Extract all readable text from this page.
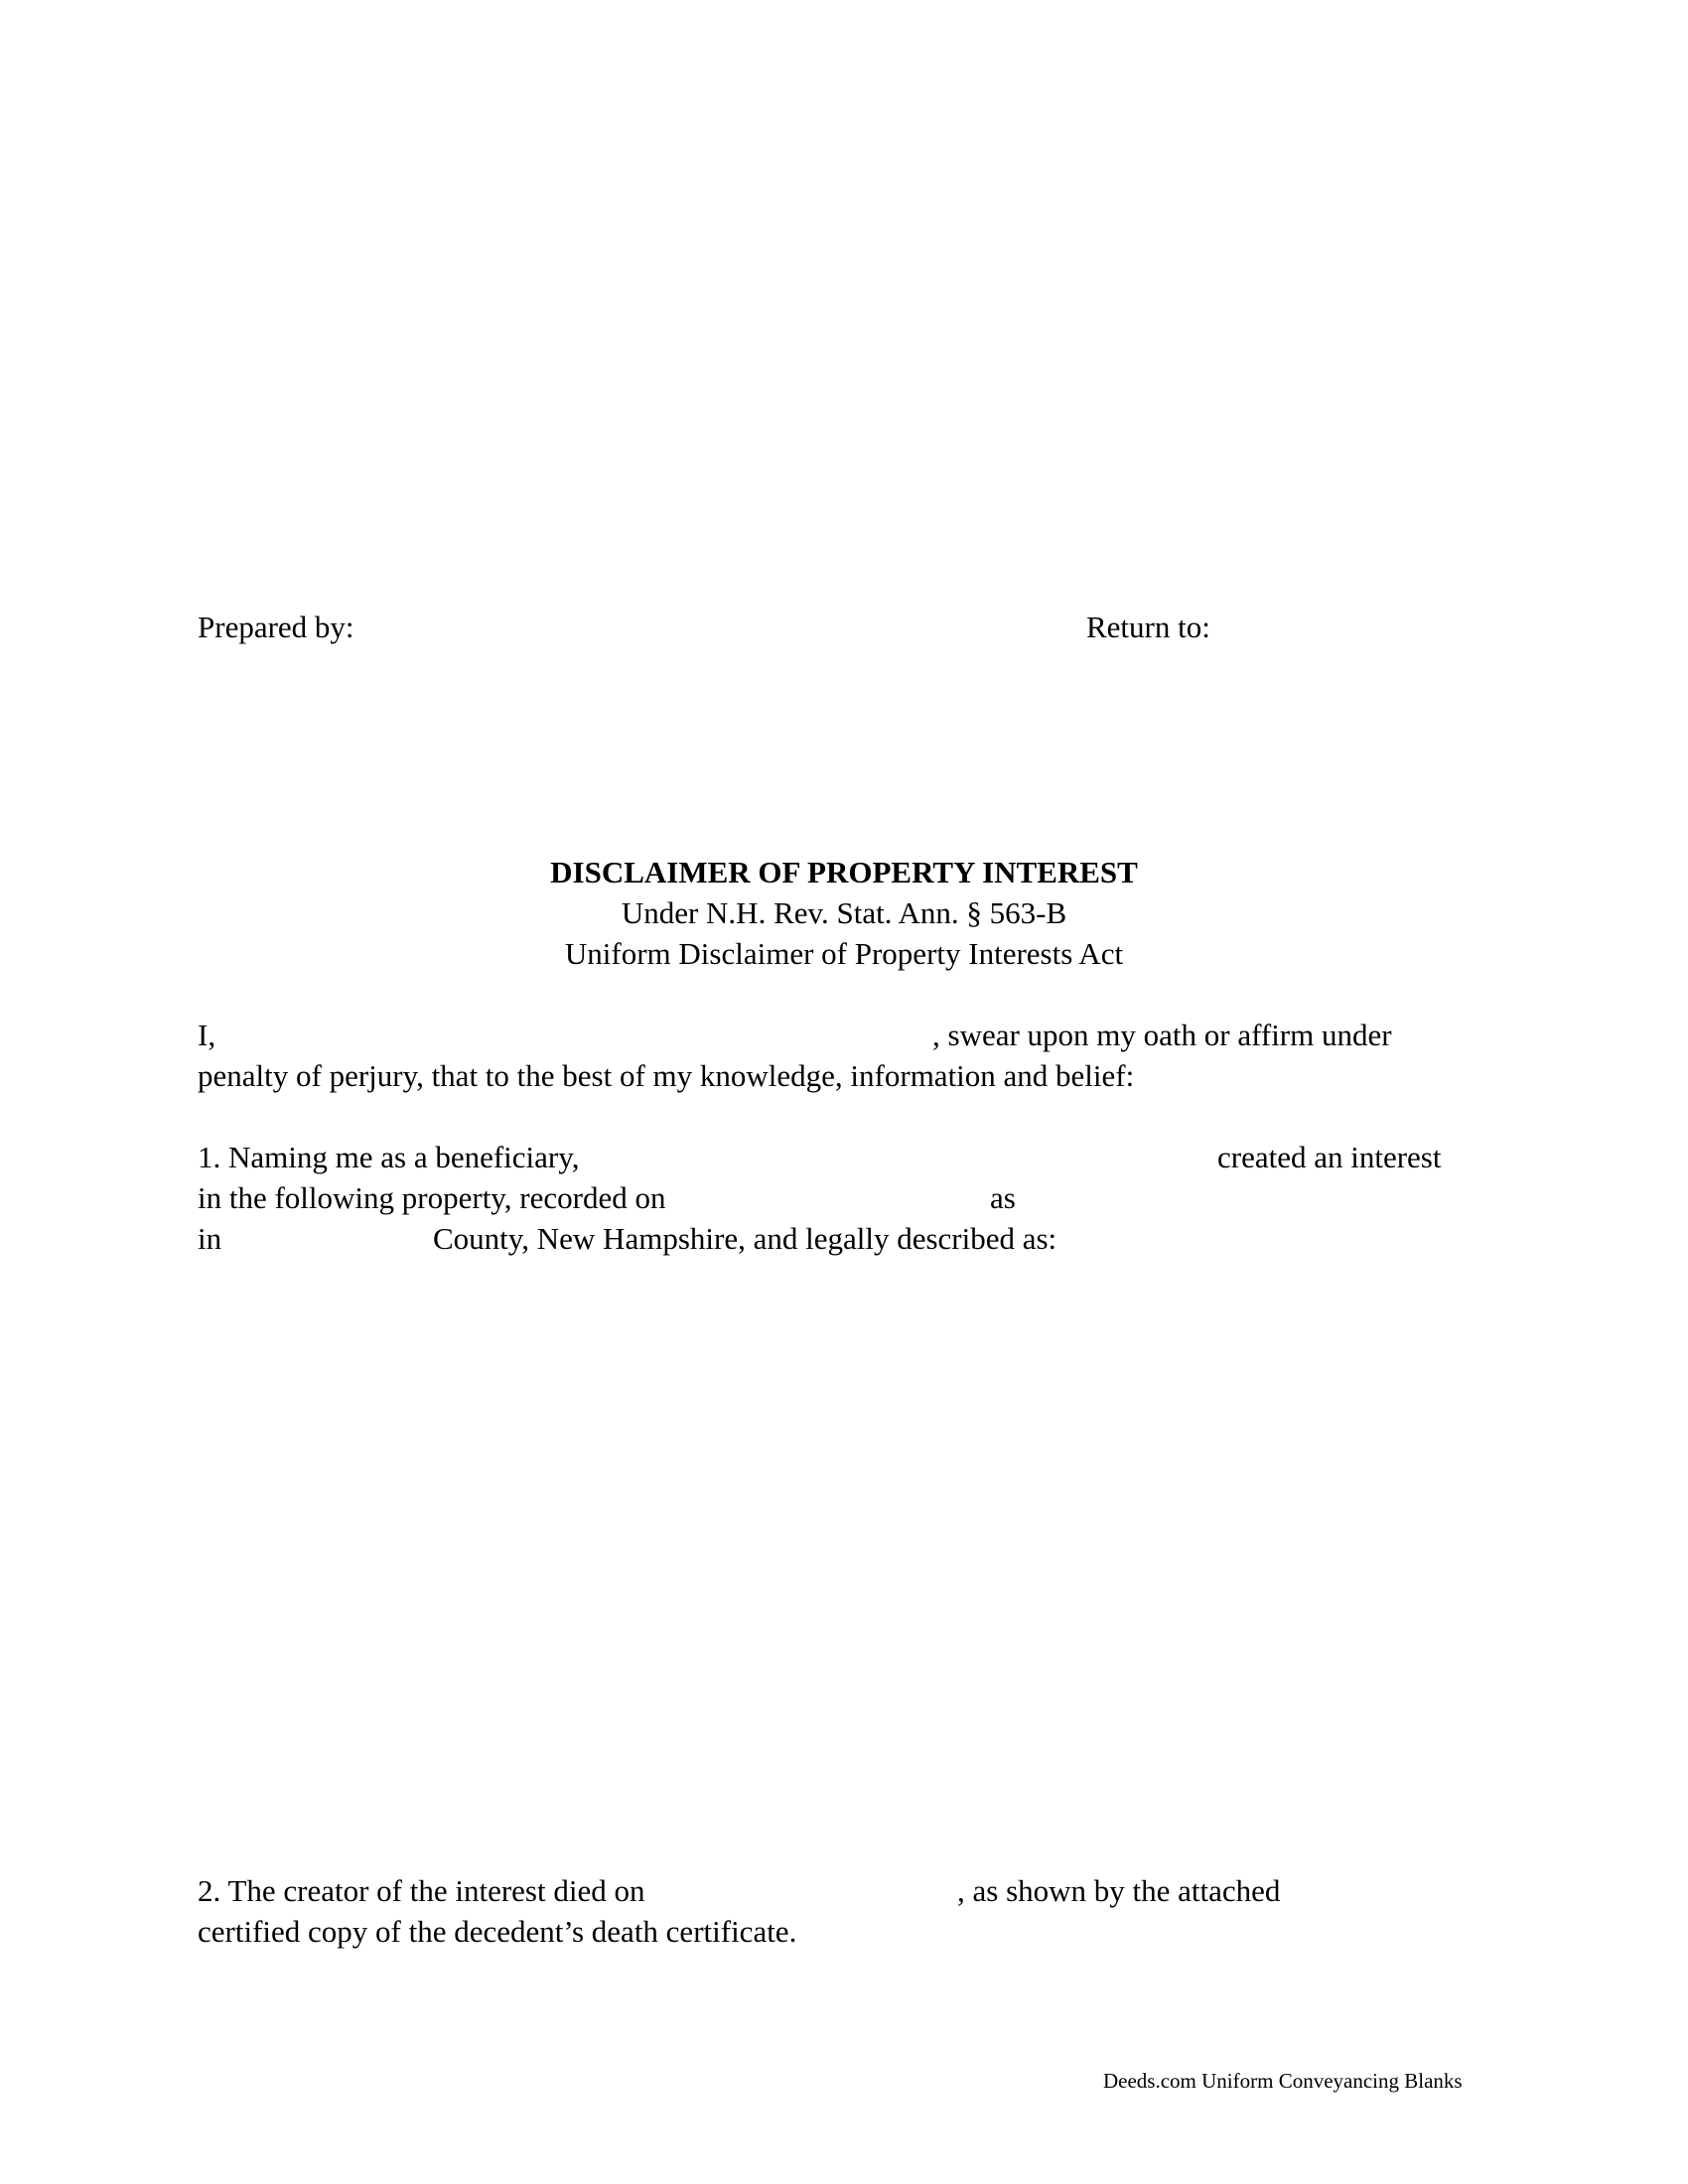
Prepared by:	Return to:
DISCLAIMER OF PROPERTY INTEREST
Under N.H. Rev. Stat. Ann. § 563-B
Uniform Disclaimer of Property Interests Act
I,	, swear upon my oath or affirm under
penalty of perjury, that to the best of my knowledge, information and belief:
1. Naming me as a beneficiary,	created an interest
in the following property, recorded on	as
in	County, New Hampshire, and legally described as:
2. The creator of the interest died on	, as shown by the attached
certified copy of the decedent’s death certificate.
Deeds.com Uniform Conveyancing Blanks
